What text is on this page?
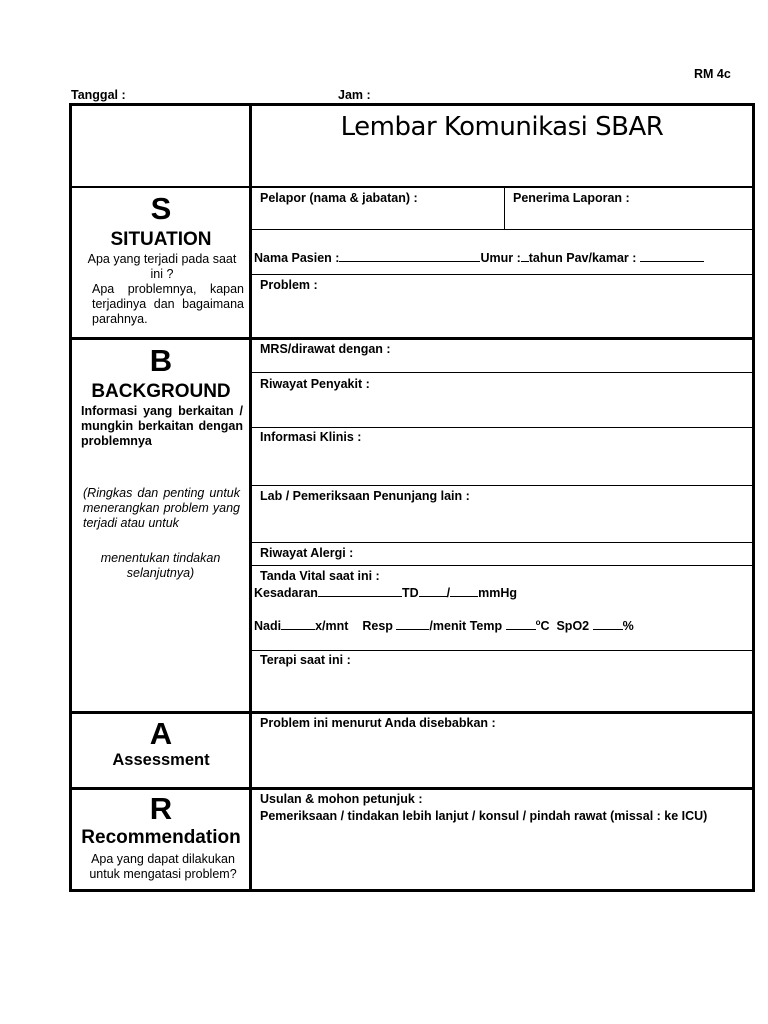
RM 4c
Tanggal :	Jam :
Lembar Komunikasi SBAR
S
SITUATION
Apa yang terjadi pada saat ini ?
Apa problemnya, kapan terjadinya dan bagaimana parahnya.
Pelapor (nama & jabatan) :	Penerima Laporan :
Nama Pasien :	Umur : tahun Pav/kamar :
Problem :
B
BACKGROUND
Informasi yang berkaitan / mungkin berkaitan dengan problemnya
(Ringkas dan penting untuk menerangkan problem yang terjadi atau untuk
menentukan tindakan selanjutnya)
MRS/dirawat dengan :
Riwayat Penyakit :
Informasi Klinis :
Lab / Pemeriksaan Penunjang lain :
Riwayat Alergi :
Tanda Vital saat ini :
Kesadaran	TD / mmHg
Nadi	x/mnt Resp	/menit Temp	$^o$C SpO2	%
Terapi saat ini :
A
Assessment
Problem ini menurut Anda disebabkan :
R
Recommendation
Apa yang dapat dilakukan untuk mengatasi problem?
Usulan & mohon petunjuk :
Pemeriksaan / tindakan lebih lanjut / konsul / pindah rawat (missal : ke ICU)
